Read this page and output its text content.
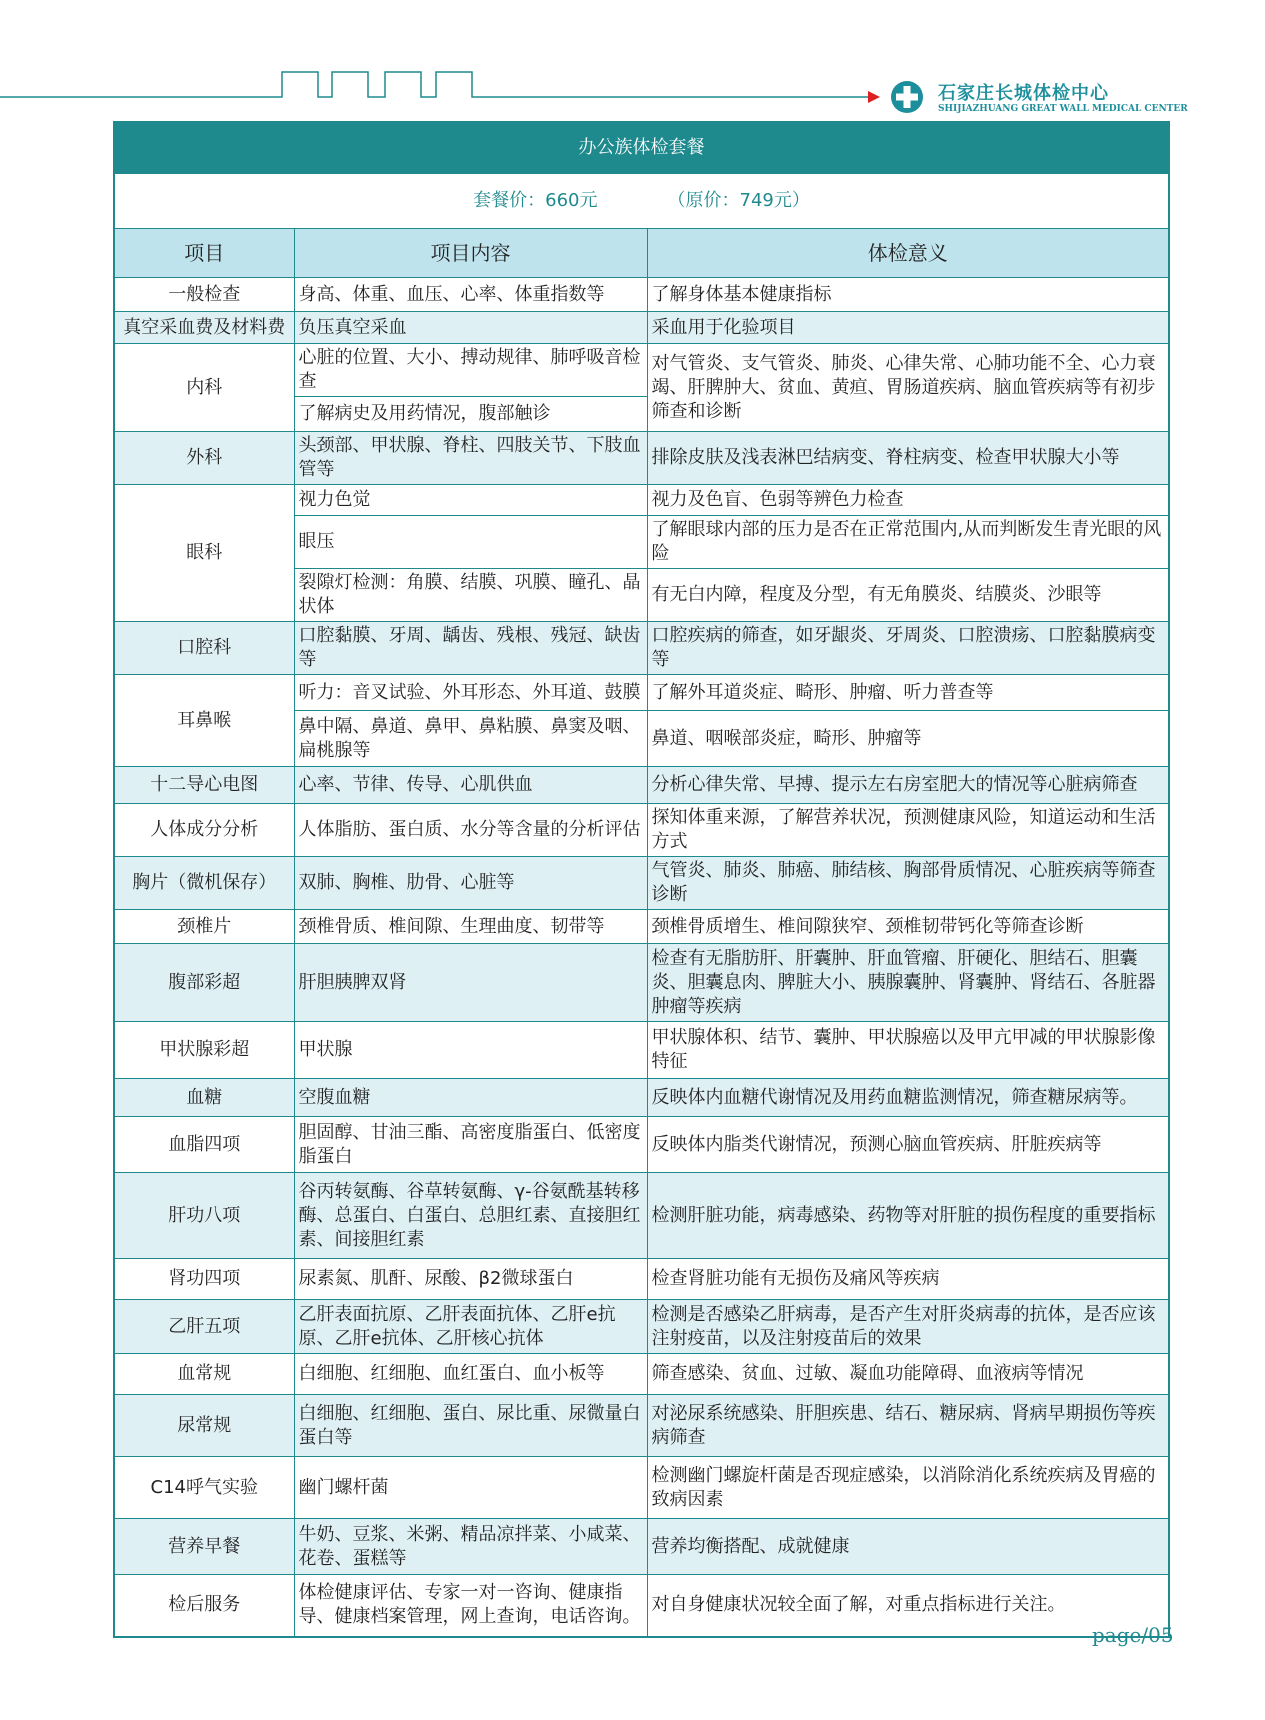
石家庄长城体检中心
SHIJIAZHUANG GREAT WALL MEDICAL CENTER
办公族体检套餐		
套餐价：660元 （原价：749元）		
项目	项目内容	体检意义
一般检查	身高、体重、血压、心率、体重指数等	了解身体基本健康指标
真空采血费及材料费	负压真空采血	采血用于化验项目
内科	心脏的位置、大小、搏动规律、肺呼吸音检查	对气管炎、支气管炎、肺炎、心律失常、心肺功能不全、心力衰竭、肝脾肿大、贫血、黄疸、胃肠道疾病、脑血管疾病等有初步筛查和诊断
	了解病史及用药情况，腹部触诊	
外科	头颈部、甲状腺、脊柱、四肢关节、下肢血管等	排除皮肤及浅表淋巴结病变、脊柱病变、检查甲状腺大小等
眼科	视力色觉	视力及色盲、色弱等辨色力检查
	眼压	了解眼球内部的压力是否在正常范围内,从而判断发生青光眼的风险
	裂隙灯检测：角膜、结膜、巩膜、瞳孔、晶状体	有无白内障，程度及分型，有无角膜炎、结膜炎、沙眼等
口腔科	口腔黏膜、牙周、龋齿、残根、残冠、缺齿等	口腔疾病的筛查，如牙龈炎、牙周炎、口腔溃疡、口腔黏膜病变等
耳鼻喉	听力：音叉试验、外耳形态、外耳道、鼓膜	了解外耳道炎症、畸形、肿瘤、听力普查等
	鼻中隔、鼻道、鼻甲、鼻粘膜、鼻窦及咽、扁桃腺等	鼻道、咽喉部炎症，畸形、肿瘤等
十二导心电图	心率、节律、传导、心肌供血	分析心律失常、早搏、提示左右房室肥大的情况等心脏病筛查
人体成分分析	人体脂肪、蛋白质、水分等含量的分析评估	探知体重来源，了解营养状况，预测健康风险，知道运动和生活方式
胸片（微机保存）	双肺、胸椎、肋骨、心脏等	气管炎、肺炎、肺癌、肺结核、胸部骨质情况、心脏疾病等筛查诊断
颈椎片	颈椎骨质、椎间隙、生理曲度、韧带等	颈椎骨质增生、椎间隙狭窄、颈椎韧带钙化等筛查诊断
腹部彩超	肝胆胰脾双肾	检查有无脂肪肝、肝囊肿、肝血管瘤、肝硬化、胆结石、胆囊炎、胆囊息肉、脾脏大小、胰腺囊肿、肾囊肿、肾结石、各脏器肿瘤等疾病
甲状腺彩超	甲状腺	甲状腺体积、结节、囊肿、甲状腺癌以及甲亢甲减的甲状腺影像特征
血糖	空腹血糖	反映体内血糖代谢情况及用药血糖监测情况，筛查糖尿病等。
血脂四项	胆固醇、甘油三酯、高密度脂蛋白、低密度脂蛋白	反映体内脂类代谢情况，预测心脑血管疾病、肝脏疾病等
肝功八项	谷丙转氨酶、谷草转氨酶、γ-谷氨酰基转移酶、总蛋白、白蛋白、总胆红素、直接胆红素、间接胆红素	检测肝脏功能，病毒感染、药物等对肝脏的损伤程度的重要指标
肾功四项	尿素氮、肌酐、尿酸、β2微球蛋白	检查肾脏功能有无损伤及痛风等疾病
乙肝五项	乙肝表面抗原、乙肝表面抗体、乙肝e抗原、乙肝e抗体、乙肝核心抗体	检测是否感染乙肝病毒，是否产生对肝炎病毒的抗体，是否应该注射疫苗，以及注射疫苗后的效果
血常规	白细胞、红细胞、血红蛋白、血小板等	筛查感染、贫血、过敏、凝血功能障碍、血液病等情况
尿常规	白细胞、红细胞、蛋白、尿比重、尿微量白蛋白等	对泌尿系统感染、肝胆疾患、结石、糖尿病、肾病早期损伤等疾病筛查
C14呼气实验	幽门螺杆菌	检测幽门螺旋杆菌是否现症感染，以消除消化系统疾病及胃癌的致病因素
营养早餐	牛奶、豆浆、米粥、精品凉拌菜、小咸菜、花卷、蛋糕等	营养均衡搭配、成就健康
检后服务	体检健康评估、专家一对一咨询、健康指导、健康档案管理，网上查询，电话咨询。	对自身健康状况较全面了解，对重点指标进行关注。
page/05
